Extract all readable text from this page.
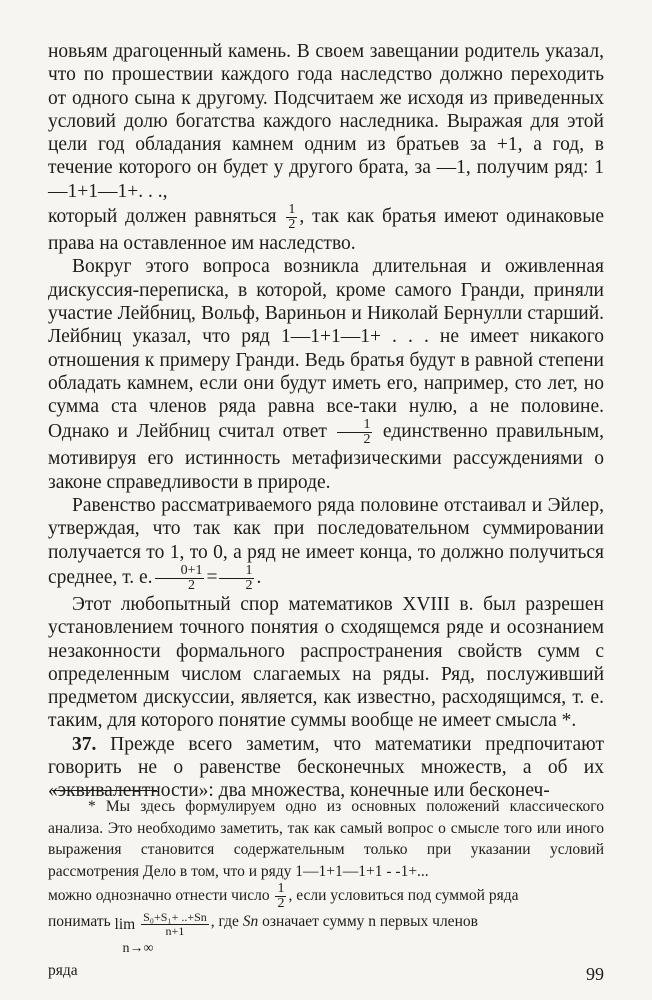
новьям драгоценный камень. В своем завещании родитель указал, что по прошествии каждого года наследство должно переходить от одного сына к другому. Подсчитаем же исходя из приведенных условий долю богатства каждого наследника. Выражая для этой цели год обладания камнем одним из братьев за +1, а год, в течение которого он будет у другого брата, за —1, получим ряд: 1—1+1—1+. . .,

который должен равняться $\frac{1}{2}$ , так как братья имеют одинаковые права на оставленное им наследство.

Вокруг этого вопроса возникла длительная и оживленная дискуссия-переписка, в которой, кроме самого Гранди, приняли участие Лейбниц, Вольф, Вариньон и Николай Бернулли старший. Лейбниц указал, что ряд 1—1+1—1+ . . . не имеет никакого отношения к примеру Гранди. Ведь братья будут в равной степени обладать камнем, если они будут иметь его, например, сто лет, но сумма ста членов ряда равна все-таки нулю, а не половине. Однако и Лейбниц считал ответ $\frac{1}{2}$ единственно правильным, мотивируя его истинность метафизическими рассуждениями о законе справедливости в природе.

Равенство рассматриваемого ряда половине отстаивал и Эйлер, утверждая, что так как при последовательном суммировании получается то 1, то 0, а ряд не имеет конца, то должно получиться среднее, т. е. $\frac{0+1}{2} = \frac{1}{2}$ .

Этот любопытный спор математиков XVIII в. был разрешен установлением точного понятия о сходящемся ряде и осознанием незаконности формального распространения свойств сумм с определенным числом слагаемых на ряды. Ряд, послуживший предметом дискуссии, является, как известно, расходящимся, т. е. таким, для которого понятие суммы вообще не имеет смысла *.

37. Прежде всего заметим, что математики предпочитают говорить не о равенстве бесконечных множеств, а об их «эквивалентности»: два множества, конечные или бесконеч-

* Мы здесь формулируем одно из основных положений классического анализа. Это необходимо заметить, так как самый вопрос о смысле того или иного выражения становится содержательным только при указании условий рассмотрения Дело в том, что и ряду 1—1+1—1+1 - -1+...

можно однозначно отнести число $\frac{1}{2}$ , если условиться под суммой ряда

понимать lim
$\frac{\text{S₀+S₁+ ..+Sn}}{n+1}$
n→∞
, где Sn означает сумму n первых членов

ряда	99
